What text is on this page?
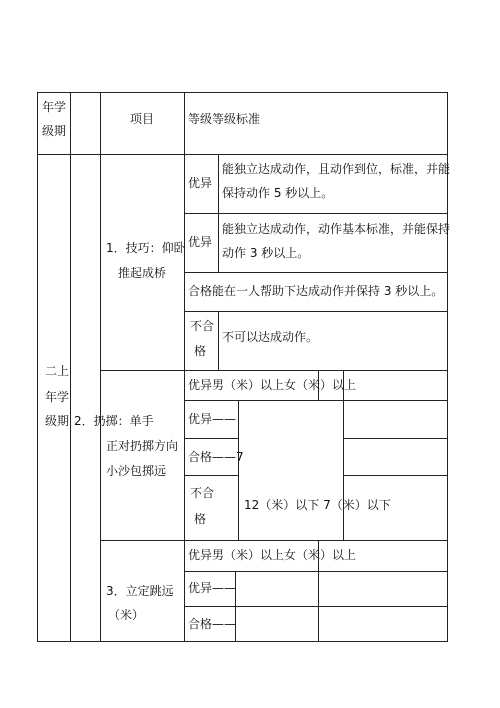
年学
级期
项目	等级等级标准
二上
年学
级期
1．技巧：仰卧
推起成桥
优异
能独立达成动作，且动作到位，标准，并能
保持动作 5 秒以上。
优异
能独立达成动作，动作基本标准，并能保持
动作 3 秒以上。
合格能在一人帮助下达成动作并保持 3 秒以上。
不合
格
不可以达成动作。
2．扔掷：单手
正对扔掷方向
小沙包掷远
优异男（米）以上女（米）以上
优异——
合格——7
不合
格
12（米）以下 7（米）以下
3．立定跳远
（米）
优异男（米）以上女（米）以上
优异——
合格——
